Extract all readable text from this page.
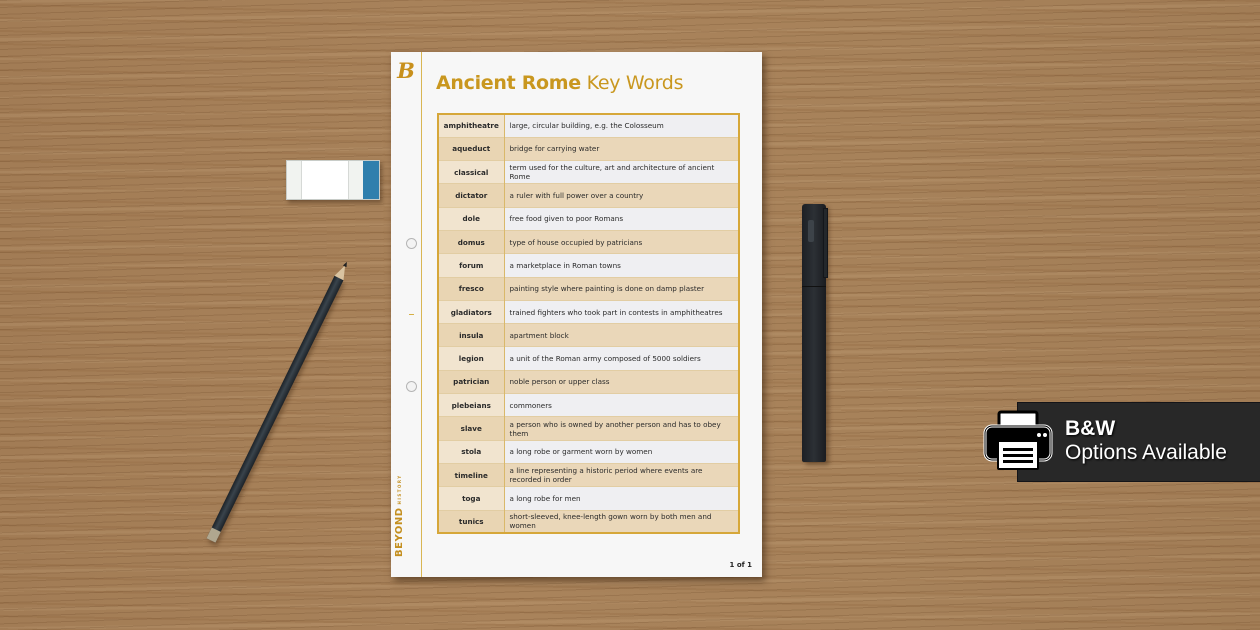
B
BEYONDHISTORY
Ancient Rome Key Words
amphitheatre	large, circular building, e.g. the Colosseum
aqueduct	bridge for carrying water
classical	term used for the culture, art and architecture of ancient Rome
dictator	a ruler with full power over a country
dole	free food given to poor Romans
domus	type of house occupied by patricians
forum	a marketplace in Roman towns
fresco	painting style where painting is done on damp plaster
gladiators	trained fighters who took part in contests in amphitheatres
insula	apartment block
legion	a unit of the Roman army composed of 5000 soldiers
patrician	noble person or upper class
plebeians	commoners
slave	a person who is owned by another person and has to obey them
stola	a long robe or garment worn by women
timeline	a line representing a historic period where events are recorded in order
toga	a long robe for men
tunics	short-sleeved, knee-length gown worn by both men and women
1 of 1
B&W
Options Available
